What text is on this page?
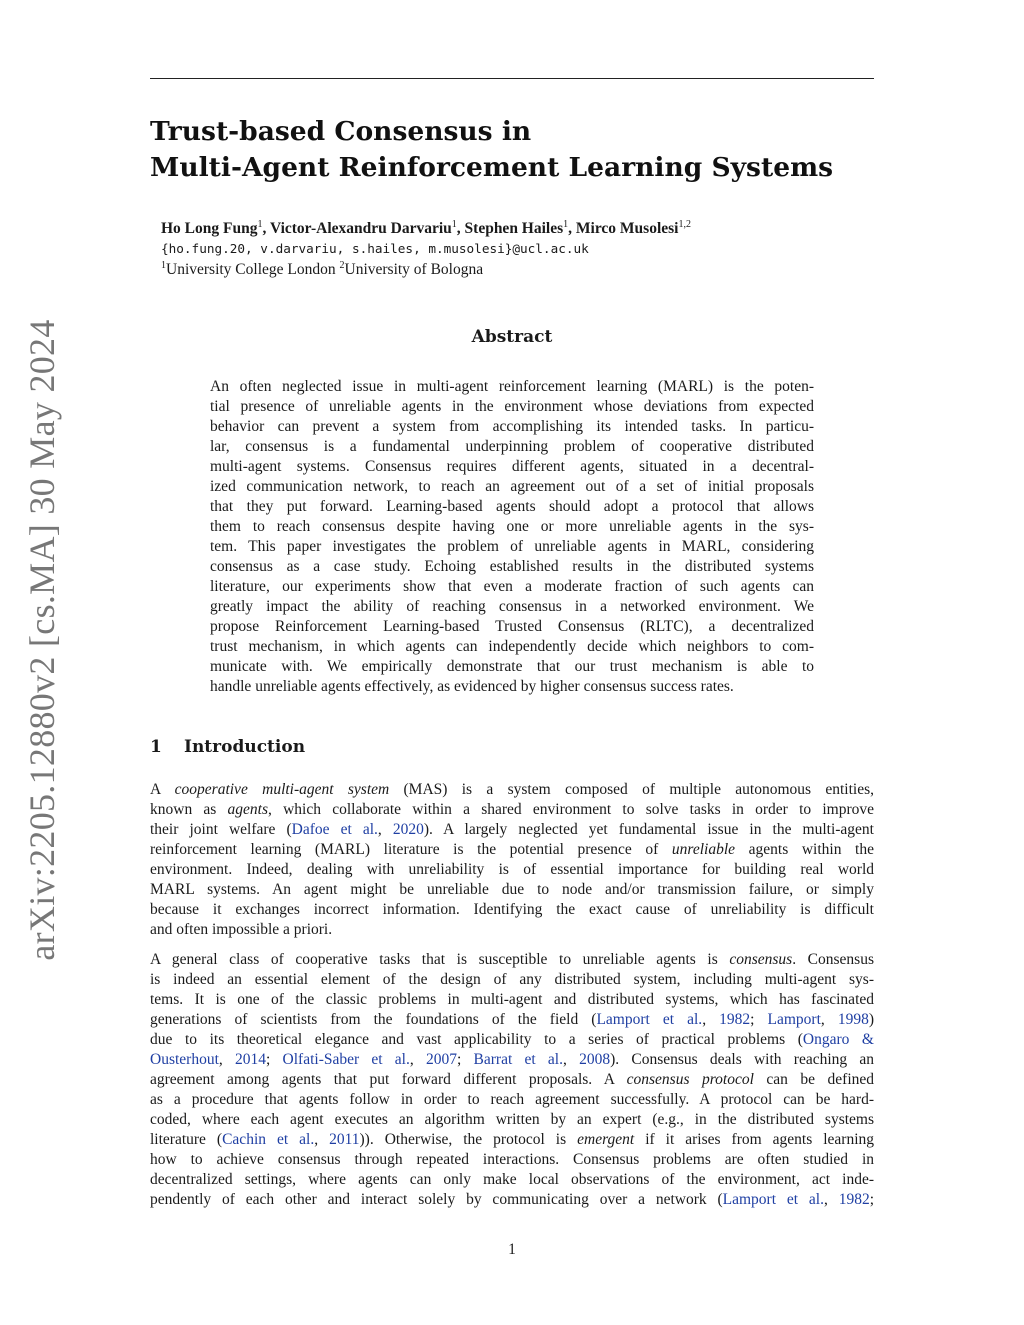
arXiv:2205.12880v2 [cs.MA] 30 May 2024
Trust-based Consensus in
Multi-Agent Reinforcement Learning Systems
Ho Long Fung$^1$, Victor-Alexandru Darvariu$^1$, Stephen Hailes$^1$, Mirco Musolesi$^{1,2}$
{ho.fung.20, v.darvariu, s.hailes, m.musolesi}@ucl.ac.uk
$^1$University College London $^2$University of Bologna
Abstract
An often neglected issue in multi-agent reinforcement learning (MARL) is the poten-
tial presence of unreliable agents in the environment whose deviations from expected
behavior can prevent a system from accomplishing its intended tasks. In particu-
lar, consensus is a fundamental underpinning problem of cooperative distributed
multi-agent systems. Consensus requires different agents, situated in a decentral-
ized communication network, to reach an agreement out of a set of initial proposals
that they put forward. Learning-based agents should adopt a protocol that allows
them to reach consensus despite having one or more unreliable agents in the sys-
tem. This paper investigates the problem of unreliable agents in MARL, considering
consensus as a case study. Echoing established results in the distributed systems
literature, our experiments show that even a moderate fraction of such agents can
greatly impact the ability of reaching consensus in a networked environment. We
propose Reinforcement Learning-based Trusted Consensus (RLTC), a decentralized
trust mechanism, in which agents can independently decide which neighbors to com-
municate with. We empirically demonstrate that our trust mechanism is able to
handle unreliable agents effectively, as evidenced by higher consensus success rates.
1 Introduction
A cooperative multi-agent system (MAS) is a system composed of multiple autonomous entities,
known as agents, which collaborate within a shared environment to solve tasks in order to improve
their joint welfare (Dafoe et al., 2020). A largely neglected yet fundamental issue in the multi-agent
reinforcement learning (MARL) literature is the potential presence of unreliable agents within the
environment. Indeed, dealing with unreliability is of essential importance for building real world
MARL systems. An agent might be unreliable due to node and/or transmission failure, or simply
because it exchanges incorrect information. Identifying the exact cause of unreliability is difficult
and often impossible a priori.
A general class of cooperative tasks that is susceptible to unreliable agents is consensus. Consensus
is indeed an essential element of the design of any distributed system, including multi-agent sys-
tems. It is one of the classic problems in multi-agent and distributed systems, which has fascinated
generations of scientists from the foundations of the field (Lamport et al., 1982; Lamport, 1998)
due to its theoretical elegance and vast applicability to a series of practical problems (Ongaro &
Ousterhout, 2014; Olfati-Saber et al., 2007; Barrat et al., 2008). Consensus deals with reaching an
agreement among agents that put forward different proposals. A consensus protocol can be defined
as a procedure that agents follow in order to reach agreement successfully. A protocol can be hard-
coded, where each agent executes an algorithm written by an expert (e.g., in the distributed systems
literature (Cachin et al., 2011)). Otherwise, the protocol is emergent if it arises from agents learning
how to achieve consensus through repeated interactions. Consensus problems are often studied in
decentralized settings, where agents can only make local observations of the environment, act inde-
pendently of each other and interact solely by communicating over a network (Lamport et al., 1982;
1
